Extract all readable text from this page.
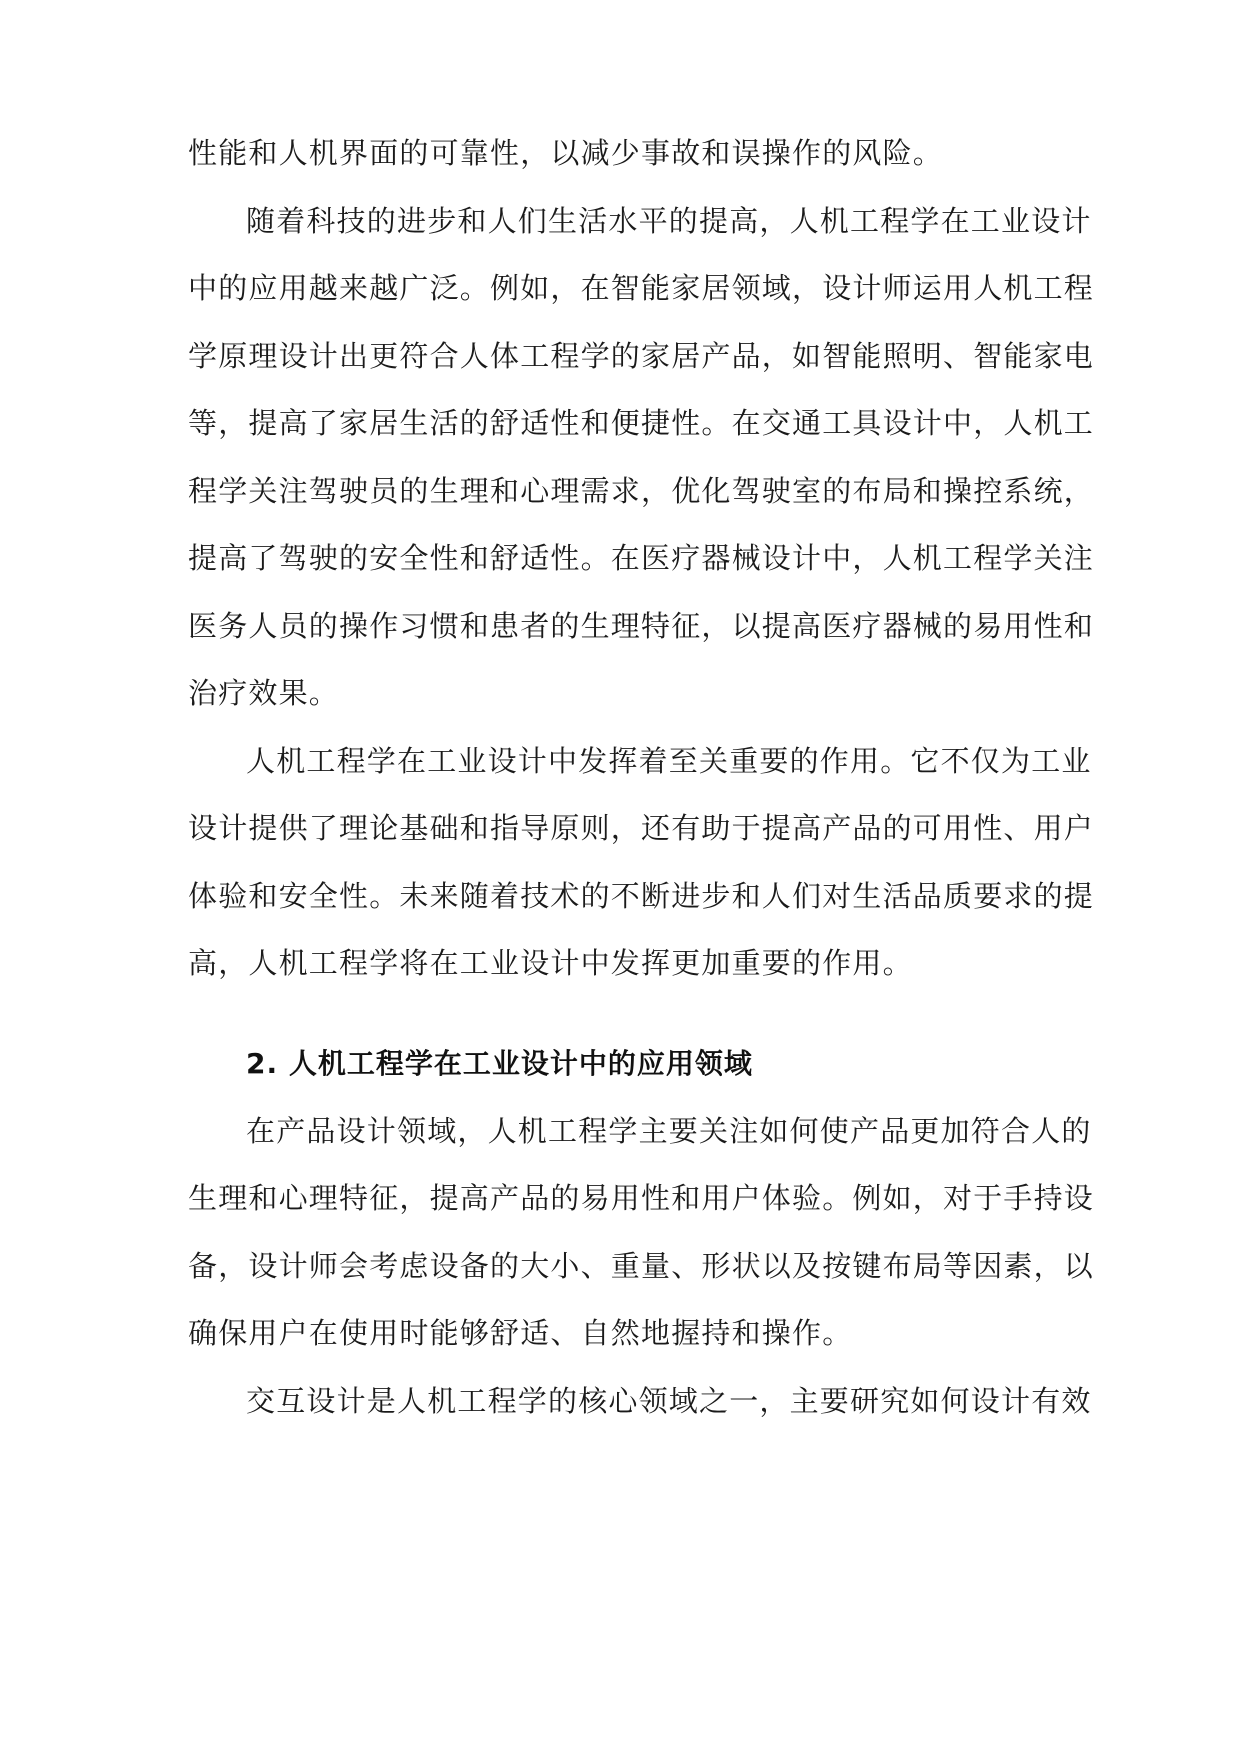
性能和人机界面的可靠性，以减少事故和误操作的风险。
随着科技的进步和人们生活水平的提高，人机工程学在工业设计
中的应用越来越广泛。例如，在智能家居领域，设计师运用人机工程
学原理设计出更符合人体工程学的家居产品，如智能照明、智能家电
等，提高了家居生活的舒适性和便捷性。在交通工具设计中，人机工
程学关注驾驶员的生理和心理需求，优化驾驶室的布局和操控系统，
提高了驾驶的安全性和舒适性。在医疗器械设计中，人机工程学关注
医务人员的操作习惯和患者的生理特征，以提高医疗器械的易用性和
治疗效果。
人机工程学在工业设计中发挥着至关重要的作用。它不仅为工业
设计提供了理论基础和指导原则，还有助于提高产品的可用性、用户
体验和安全性。未来随着技术的不断进步和人们对生活品质要求的提
高，人机工程学将在工业设计中发挥更加重要的作用。
2. 人机工程学在工业设计中的应用领域
在产品设计领域，人机工程学主要关注如何使产品更加符合人的
生理和心理特征，提高产品的易用性和用户体验。例如，对于手持设
备，设计师会考虑设备的大小、重量、形状以及按键布局等因素，以
确保用户在使用时能够舒适、自然地握持和操作。
交互设计是人机工程学的核心领域之一，主要研究如何设计有效
